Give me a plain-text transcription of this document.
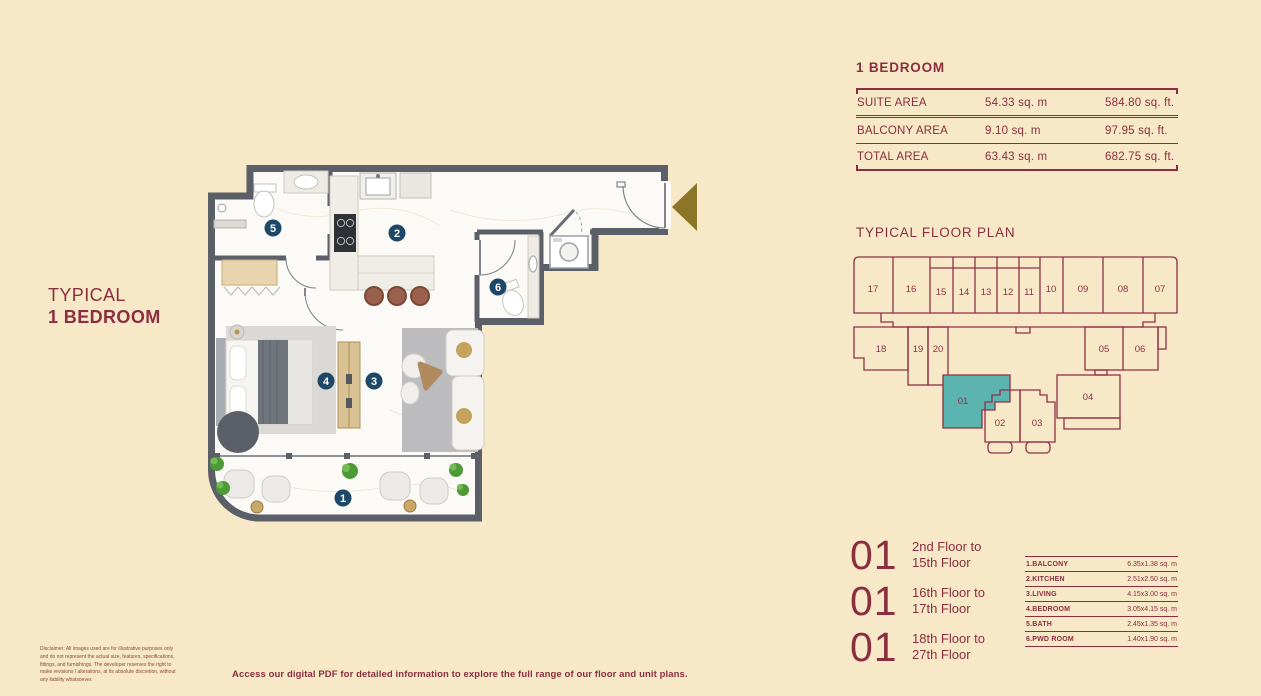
TYPICAL
1 BEDROOM
1
2
3
4
5
6
1 BEDROOM
SUITE AREA	54.33 sq. m	584.80 sq. ft.
BALCONY AREA	9.10 sq. m	97.95 sq. ft.
TOTAL AREA	63.43 sq. m	682.75 sq. ft.
TYPICAL FLOOR PLAN
17	16 15 14 13 12 11 10 09	08	07
18	19 20	05	06
01
02	03
04
01	2nd Floor to
15th Floor
01	16th Floor to
17th Floor
01	18th Floor to
27th Floor
1.BALCONY	6.35x1.38 sq. m
2.KITCHEN	2.51x2.50 sq. m
3.LIVING	4.15x3.00 sq. m
4.BEDROOM	3.05x4.15 sq. m
5.BATH	2.45x1.35 sq. m
6.PWD ROOM	1.40x1.90 sq. m
Disclaimer: All images used are for illustrative purposes only and do not represent the actual size, features, specifications, fittings, and furnishings. The developer reserves the right to make revisions / alterations, at its absolute discretion, without any liability whatsoever.
Access our digital PDF for detailed information to explore the full range of our floor and unit plans.
